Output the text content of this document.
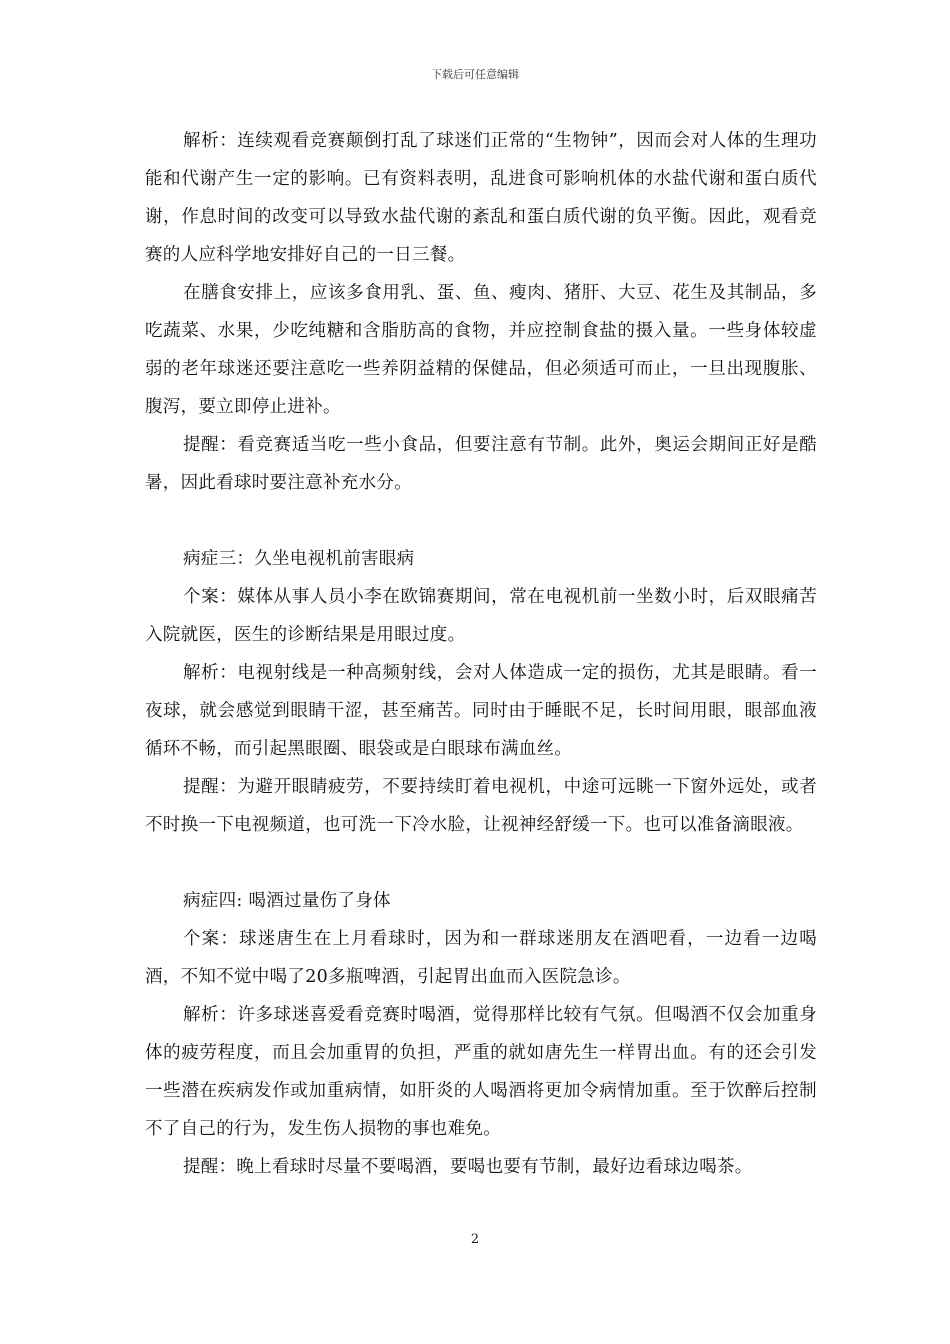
下载后可任意编辑

解析：连续观看竞赛颠倒打乱了球迷们正常的“生物钟”，因而会对人体的生理功能和代谢产生一定的影响。已有资料表明，乱进食可影响机体的水盐代谢和蛋白质代谢，作息时间的改变可以导致水盐代谢的紊乱和蛋白质代谢的负平衡。因此，观看竞赛的人应科学地安排好自己的一日三餐。

在膳食安排上，应该多食用乳、蛋、鱼、瘦肉、猪肝、大豆、花生及其制品，多吃蔬菜、水果，少吃纯糖和含脂肪高的食物，并应控制食盐的摄入量。一些身体较虚弱的老年球迷还要注意吃一些养阴益精的保健品，但必须适可而止，一旦出现腹胀、腹泻，要立即停止进补。

提醒：看竞赛适当吃一些小食品，但要注意有节制。此外，奥运会期间正好是酷暑，因此看球时要注意补充水分。

病症三：久坐电视机前害眼病

个案：媒体从事人员小李在欧锦赛期间，常在电视机前一坐数小时，后双眼痛苦入院就医，医生的诊断结果是用眼过度。

解析：电视射线是一种高频射线，会对人体造成一定的损伤，尤其是眼睛。看一夜球，就会感觉到眼睛干涩，甚至痛苦。同时由于睡眠不足，长时间用眼，眼部血液循环不畅，而引起黑眼圈、眼袋或是白眼球布满血丝。

提醒：为避开眼睛疲劳，不要持续盯着电视机，中途可远眺一下窗外远处，或者不时换一下电视频道，也可洗一下冷水脸，让视神经舒缓一下。也可以准备滴眼液。

病症四: 喝酒过量伤了身体

个案：球迷唐生在上月看球时，因为和一群球迷朋友在酒吧看，一边看一边喝酒，不知不觉中喝了20多瓶啤酒，引起胃出血而入医院急诊。

解析：许多球迷喜爱看竞赛时喝酒，觉得那样比较有气氛。但喝酒不仅会加重身体的疲劳程度，而且会加重胃的负担，严重的就如唐先生一样胃出血。有的还会引发一些潜在疾病发作或加重病情，如肝炎的人喝酒将更加令病情加重。至于饮醉后控制不了自己的行为，发生伤人损物的事也难免。

提醒：晚上看球时尽量不要喝酒，要喝也要有节制，最好边看球边喝茶。

2
